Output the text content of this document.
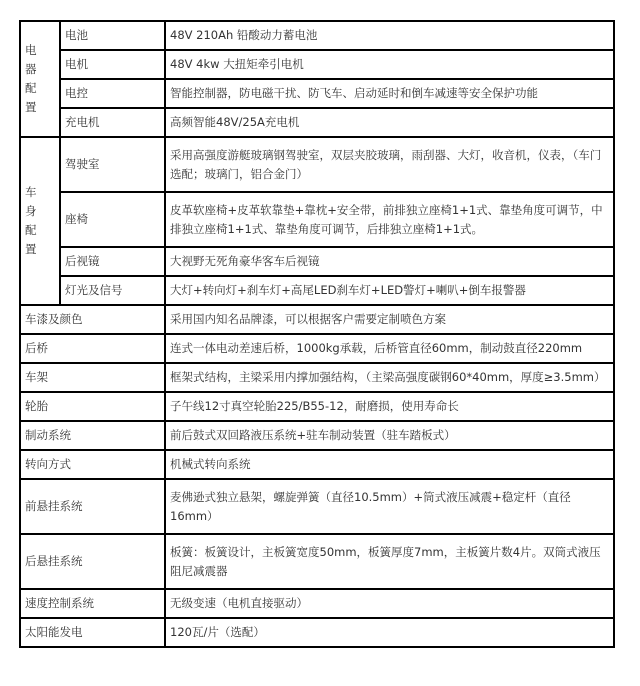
电
器
配
置	电池	48V 210Ah 铅酸动力蓄电池
	电机	48V 4kw 大扭矩牵引电机
	电控	智能控制器，防电磁干扰、防飞车、启动延时和倒车减速等安全保护功能
	充电机	高频智能48V/25A充电机

车
身
配
置	驾驶室	采用高强度游艇玻璃钢驾驶室，双层夹胶玻璃，雨刮器、大灯，收音机，仪表，（车门选配；玻璃门，铝合金门）
	座椅	皮革软座椅+皮革软靠垫+靠枕+安全带，前排独立座椅1+1式、靠垫角度可调节，中排独立座椅1+1式、靠垫角度可调节，后排独立座椅1+1式。
	后视镜	大视野无死角豪华客车后视镜
	灯光及信号	大灯+转向灯+刹车灯+高尾LED刹车灯+LED警灯+喇叭+倒车报警器
车漆及颜色		采用国内知名品牌漆，可以根据客户需要定制喷色方案
后桥		连式一体电动差速后桥，1000kg承载，后桥管直径60mm，制动鼓直径220mm
车架		框架式结构，主梁采用内撑加强结构，（主梁高强度碳钢60*40mm，厚度≥3.5mm）
轮胎		子午线12寸真空轮胎225/B55-12，耐磨损，使用寿命长
制动系统		前后鼓式双回路液压系统+驻车制动装置（驻车踏板式）
转向方式		机械式转向系统
前悬挂系统		麦佛逊式独立悬架，螺旋弹簧（直径10.5mm）+筒式液压减震+稳定杆（直径16mm）
后悬挂系统		板簧：板簧设计，主板簧宽度50mm，板簧厚度7mm，主板簧片数4片。双筒式液压阻尼减震器
速度控制系统		无级变速（电机直接驱动）
太阳能发电		120瓦/片（选配）
